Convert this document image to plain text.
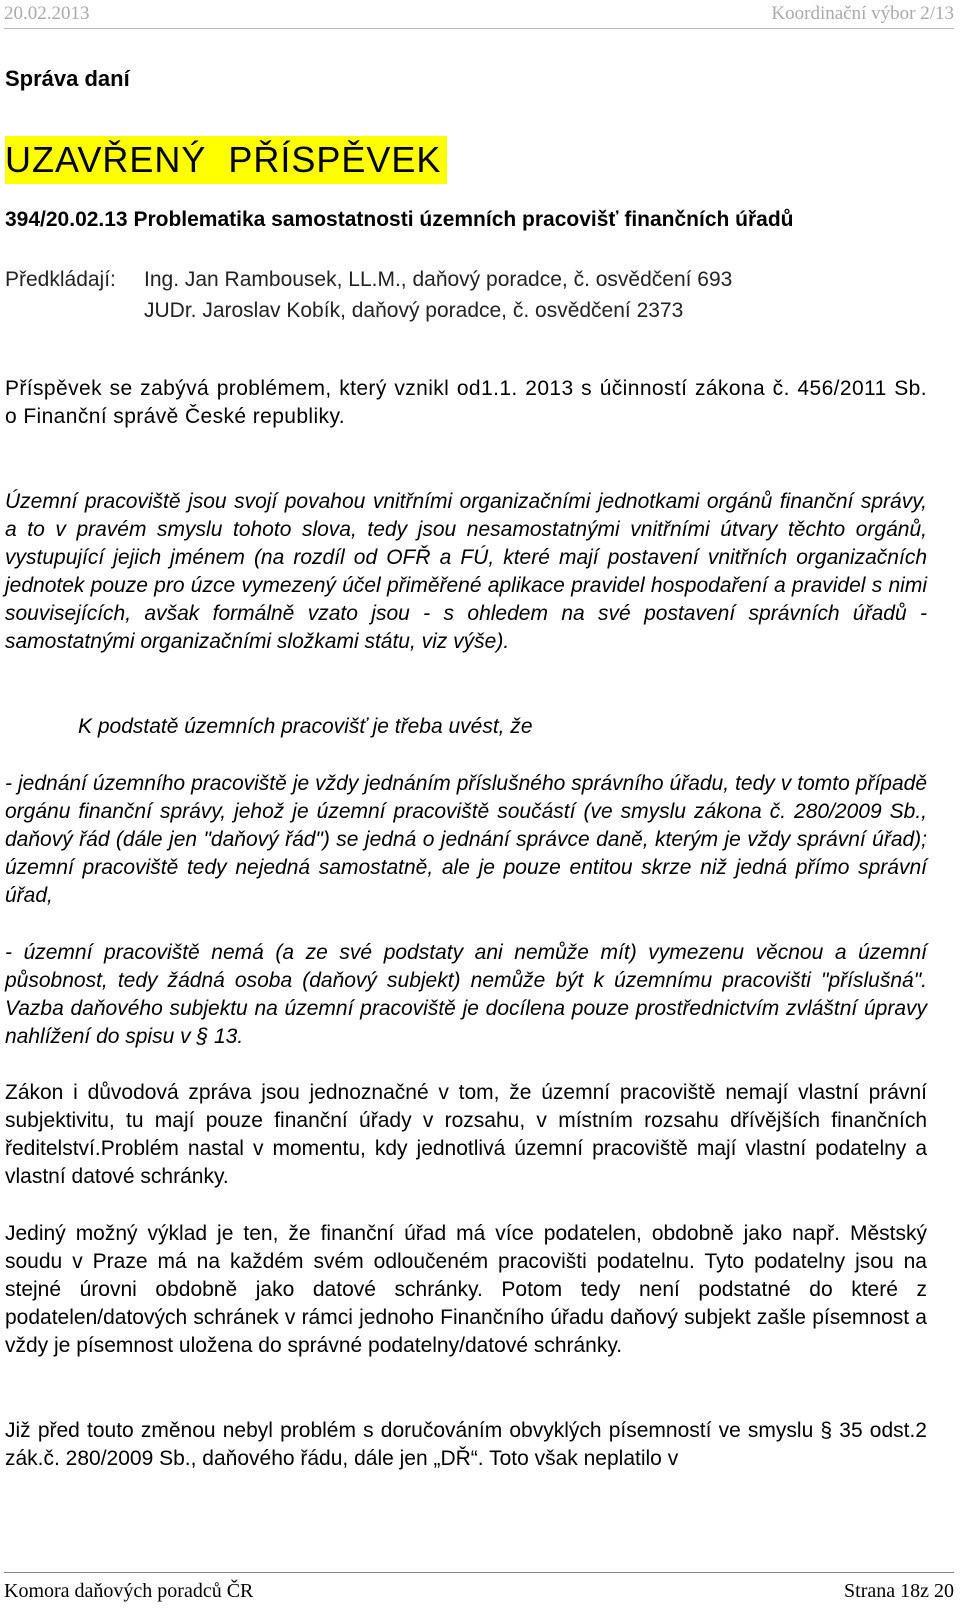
20.02.2013	Koordinační výbor 2/13
Správa daní
UZAVŘENÝ  PŘÍSPĚVEK
394/20.02.13 Problematika samostatnosti územních pracovišť finančních úřadů
Předkládají:	Ing. Jan Rambousek, LL.M., daňový poradce, č. osvědčení 693
JUDr. Jaroslav Kobík, daňový poradce, č. osvědčení 2373
Příspěvek se zabývá problémem, který vznikl od1.1. 2013 s účinností zákona č. 456/2011 Sb. o Finanční správě České republiky.
Územní pracoviště jsou svojí povahou vnitřními organizačními jednotkami orgánů finanční správy, a to v pravém smyslu tohoto slova, tedy jsou nesamostatnými vnitřními útvary těchto orgánů, vystupující jejich jménem (na rozdíl od OFŘ a FÚ, které mají postavení vnitřních organizačních jednotek pouze pro úzce vymezený účel přiměřené aplikace pravidel hospodaření a pravidel s nimi souvisejících, avšak formálně vzato jsou - s ohledem na své postavení správních úřadů - samostatnými organizačními složkami státu, viz výše).
K podstatě územních pracovišť je třeba uvést, že
- jednání územního pracoviště je vždy jednáním příslušného správního úřadu, tedy v tomto případě orgánu finanční správy, jehož je územní pracoviště součástí (ve smyslu zákona č. 280/2009 Sb., daňový řád (dále jen "daňový řád") se jedná o jednání správce daně, kterým je vždy správní úřad); územní pracoviště tedy nejedná samostatně, ale je pouze entitou skrze niž jedná přímo správní úřad,
- územní pracoviště nemá (a ze své podstaty ani nemůže mít) vymezenu věcnou a územní působnost, tedy žádná osoba (daňový subjekt) nemůže být k územnímu pracovišti "příslušná". Vazba daňového subjektu na územní pracoviště je docílena pouze prostřednictvím zvláštní úpravy nahlížení do spisu v § 13.
Zákon i důvodová zpráva jsou jednoznačné v tom, že územní pracoviště nemají vlastní právní subjektivitu, tu mají pouze finanční úřady v rozsahu, v místním rozsahu dřívějších finančních ředitelství.Problém nastal v momentu, kdy jednotlivá územní pracoviště mají vlastní podatelny a vlastní datové schránky.
Jediný možný výklad je ten, že finanční úřad má více podatelen, obdobně jako např. Městský soudu v Praze má na každém svém odloučeném pracovišti podatelnu. Tyto podatelny jsou na stejné úrovni obdobně jako datové schránky. Potom tedy není podstatné do které z podatelen/datových schránek v rámci jednoho Finančního úřadu daňový subjekt zašle písemnost a vždy je písemnost uložena do správné podatelny/datové schránky.
Již před touto změnou nebyl problém s doručováním obvyklých písemností ve smyslu § 35 odst.2 zák.č. 280/2009 Sb., daňového řádu, dále jen „DŘ“. Toto však neplatilo v
Komora daňových poradců ČR	Strana 18z 20
